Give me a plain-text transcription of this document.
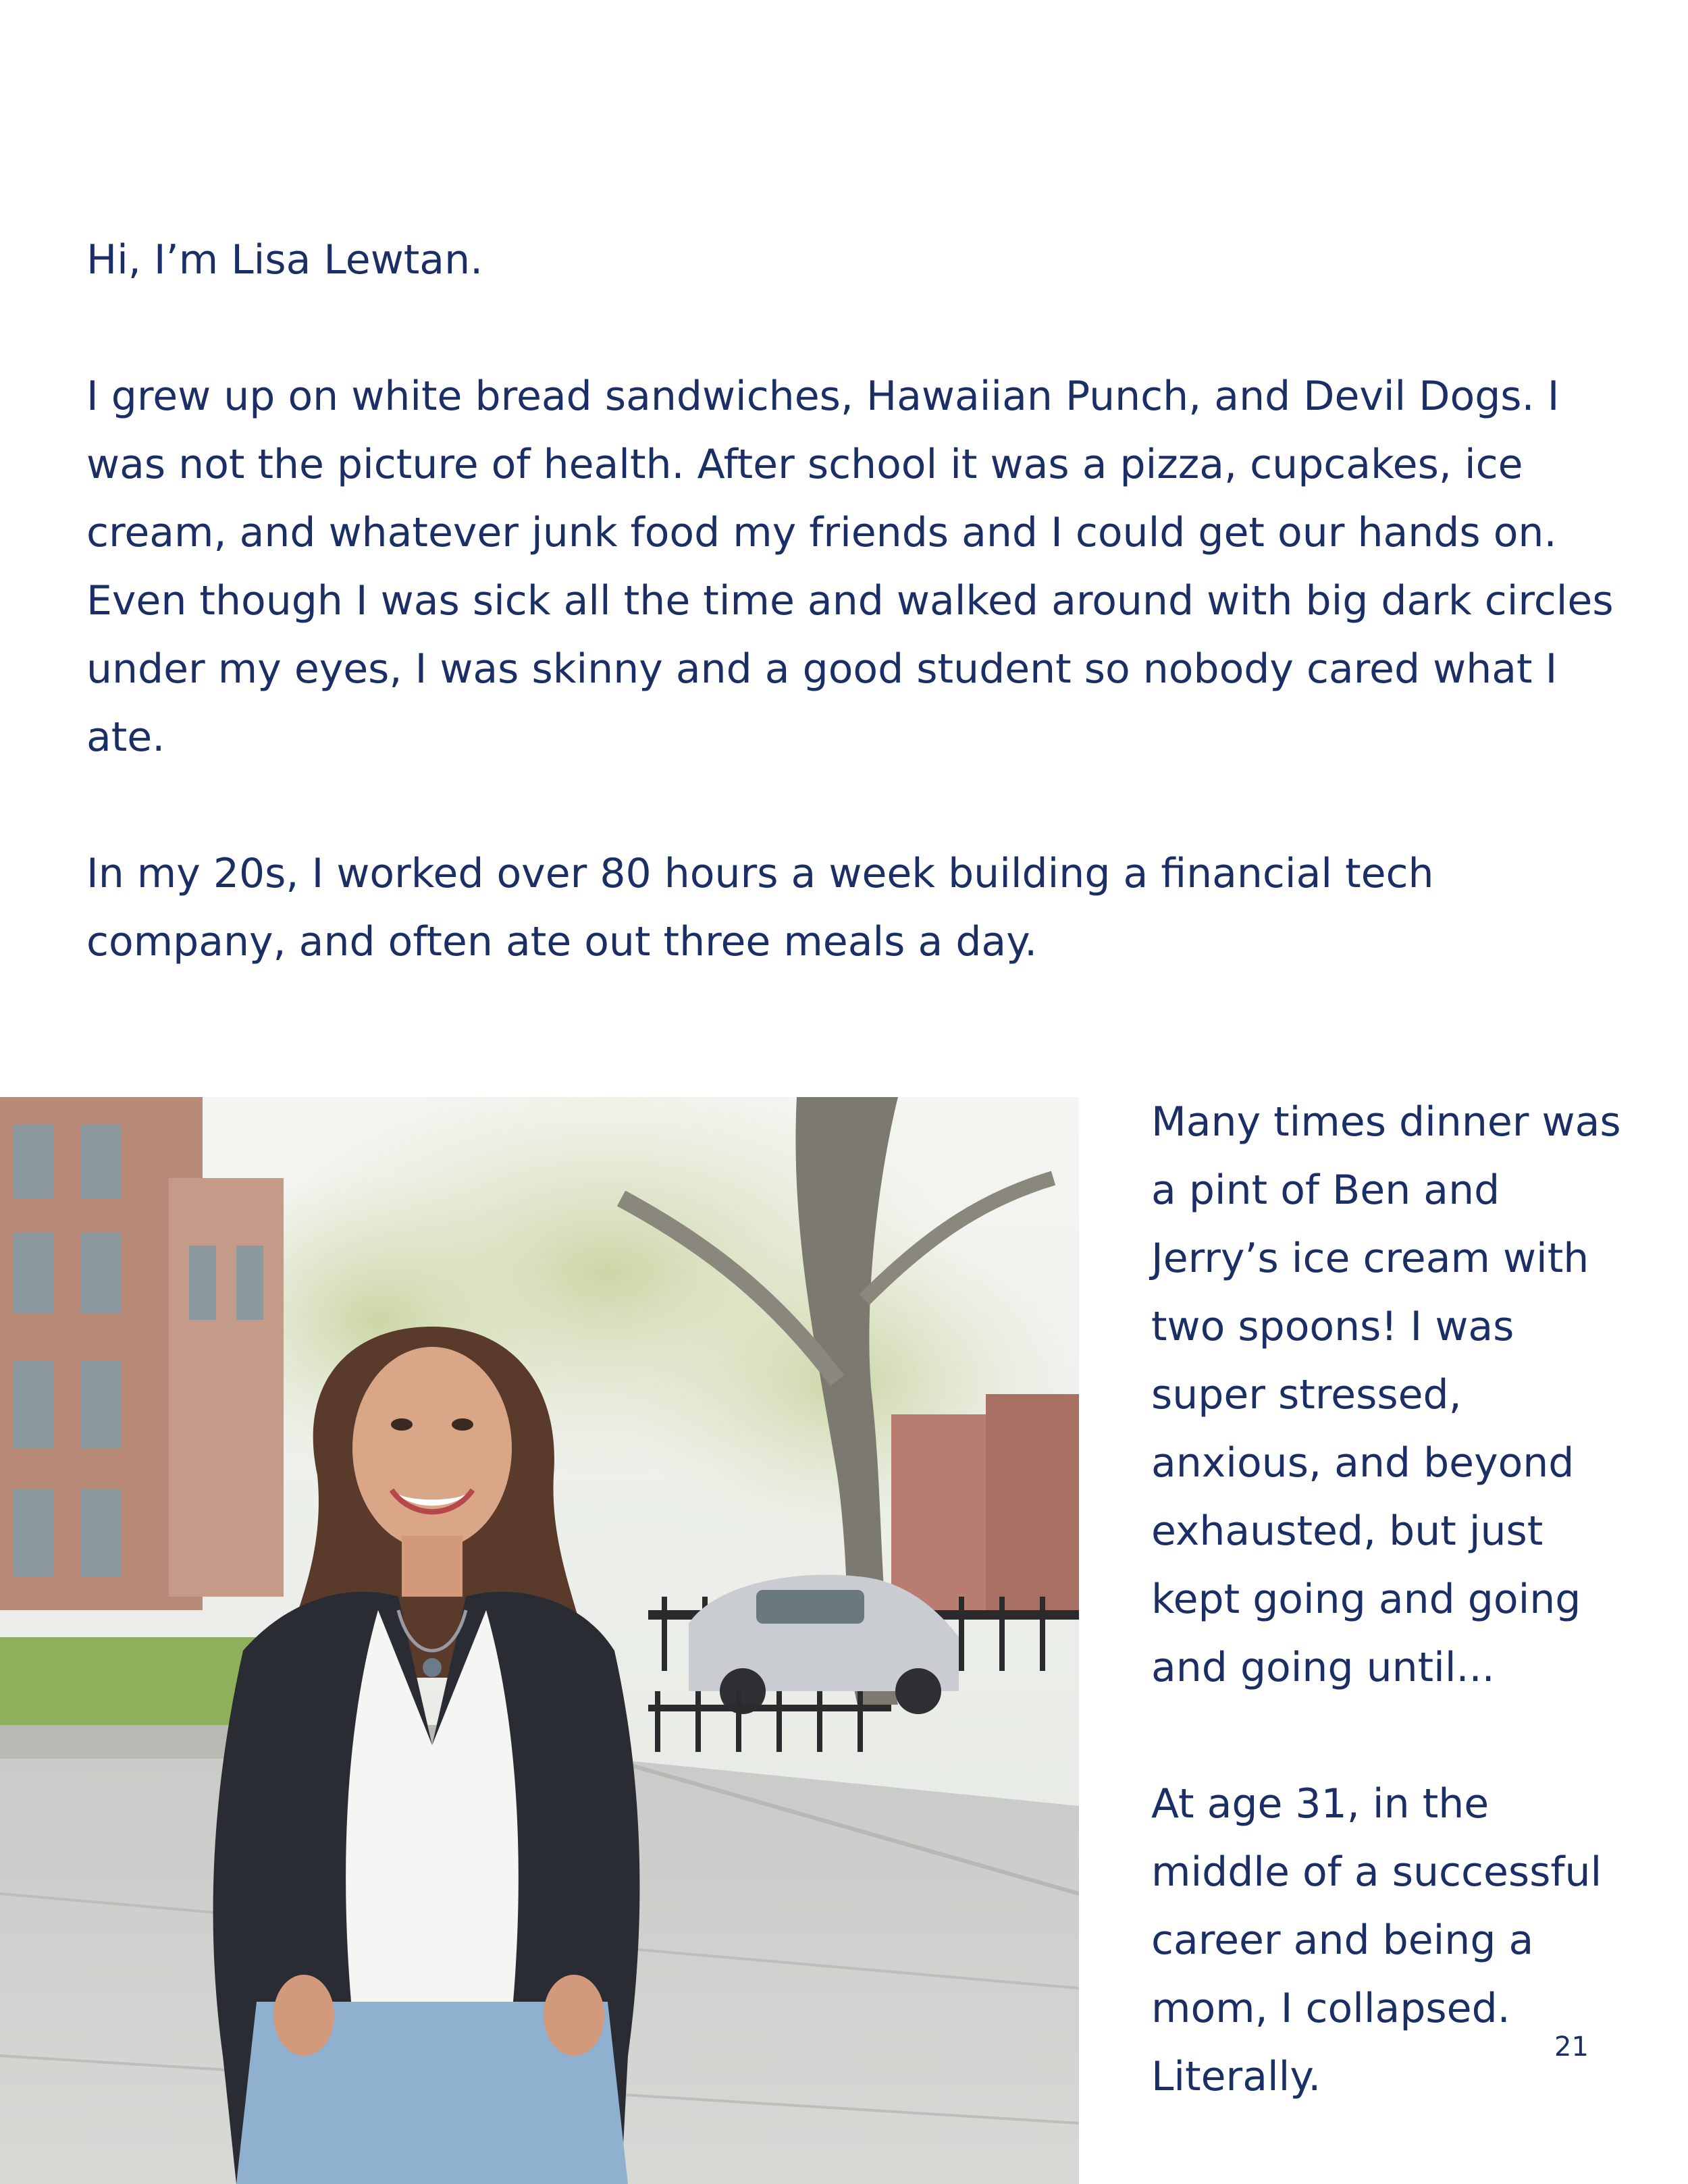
Hi, I’m Lisa Lewtan.

I grew up on white bread sandwiches, Hawaiian Punch, and Devil Dogs. I was not the picture of health. After school it was a pizza, cupcakes, ice cream, and whatever junk food my friends and I could get our hands on. Even though I was sick all the time and walked around with big dark circles under my eyes, I was skinny and a good student so nobody cared what I ate.

In my 20s, I worked over 80 hours a week building a financial tech company, and often ate out three meals a day.

Many times dinner was a pint of Ben and Jerry’s ice cream with two spoons! I was super stressed, anxious, and beyond exhausted, but just kept going and going and going until...

At age 31, in the middle of a successful career and being a mom, I collapsed. Literally.

21
